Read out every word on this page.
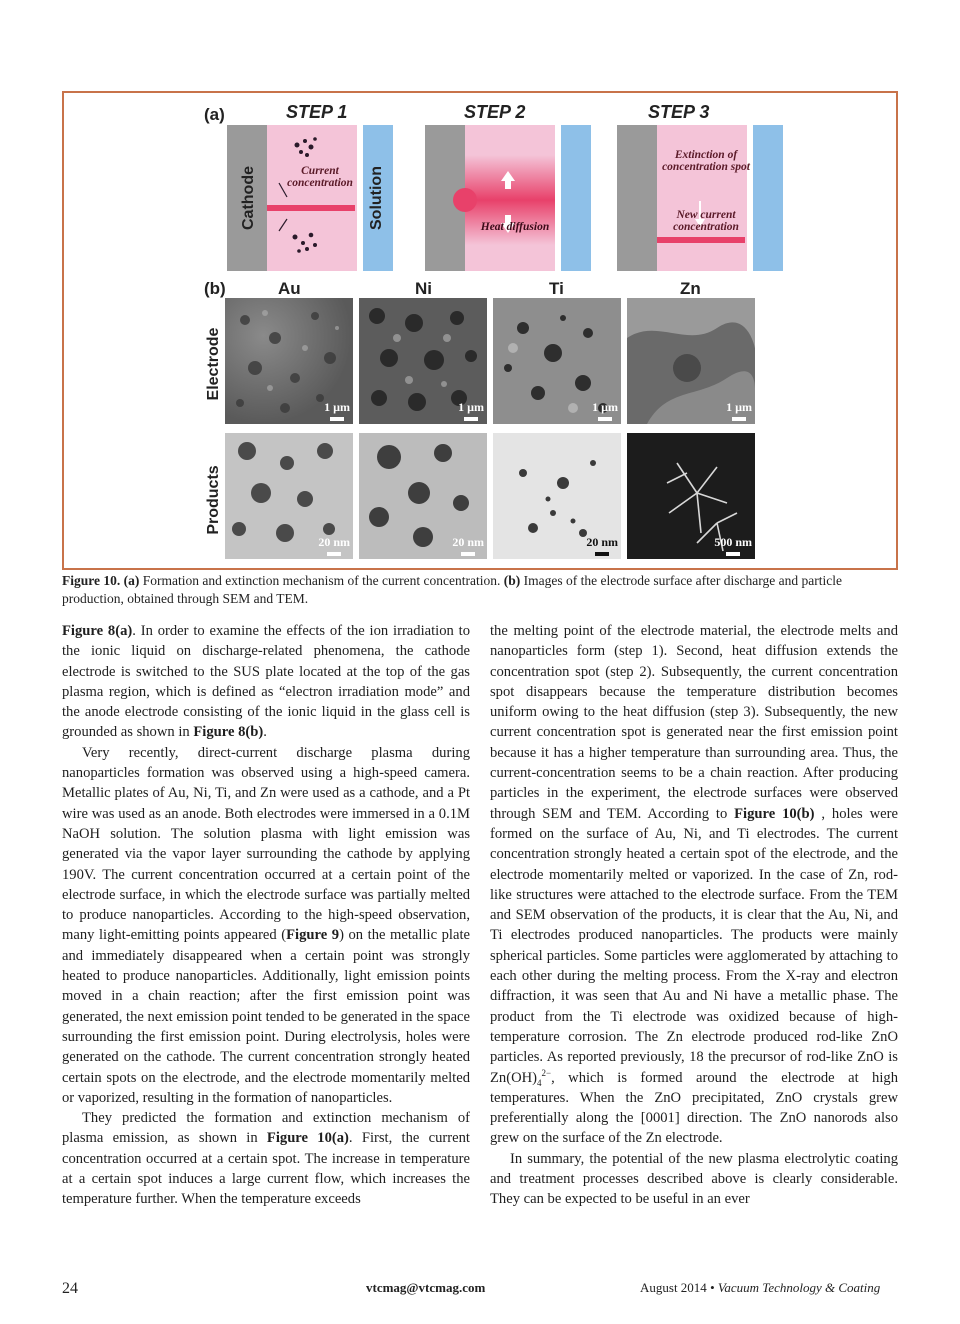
(a)	STEP 1	STEP 2	STEP 3
Cathode	Solution
Current concentration
Heat diffusion
Extinction of concentration spot
New current concentration
(b)	Au	Ni	Ti	Zn
Electrode
Products
1 µm	1 µm	1 µm	1 µm
20 nm	20 nm	20 nm	500 nm
Figure 10. (a) Formation and extinction mechanism of the current concentration. (b) Images of the electrode surface after discharge and particle production, obtained through SEM and TEM.

Figure 8(a). In order to examine the effects of the ion irradiation to the ionic liquid on discharge-related phenomena, the cathode electrode is switched to the SUS plate located at the top of the gas plasma region, which is defined as “electron irradiation mode” and the anode electrode consisting of the ionic liquid in the glass cell is grounded as shown in Figure 8(b).

Very recently, direct-current discharge plasma during nanoparticles formation was observed using a high-speed camera. Metallic plates of Au, Ni, Ti, and Zn were used as a cathode, and a Pt wire was used as an anode. Both electrodes were immersed in a 0.1M NaOH solution. The solution plasma with light emission was generated via the vapor layer surrounding the cathode by applying 190V. The current concentration occurred at a certain point of the electrode surface, in which the electrode surface was partially melted to produce nanoparticles. According to the high-speed observation, many light-emitting points appeared (Figure 9) on the metallic plate and immediately disappeared when a certain point was strongly heated to produce nanoparticles. Additionally, light emission points moved in a chain reaction; after the first emission point was generated, the next emission point tended to be generated in the space surrounding the first emission point. During electrolysis, holes were generated on the cathode. The current concentration strongly heated certain spots on the electrode, and the electrode momentarily melted or vaporized, resulting in the formation of nanoparticles.

They predicted the formation and extinction mechanism of plasma emission, as shown in Figure 10(a). First, the current concentration occurred at a certain spot. The increase in temperature at a certain spot induces a large current flow, which increases the temperature further. When the temperature exceeds

the melting point of the electrode material, the electrode melts and nanoparticles form (step 1). Second, heat diffusion extends the concentration spot (step 2). Subsequently, the current concentration spot disappears because the temperature distribution becomes uniform owing to the heat diffusion (step 3). Subsequently, the new current concentration spot is generated near the first emission point because it has a higher temperature than surrounding area. Thus, the current-concentration seems to be a chain reaction. After producing particles in the experiment, the electrode surfaces were observed through SEM and TEM. According to Figure 10(b) , holes were formed on the surface of Au, Ni, and Ti electrodes. The current concentration strongly heated a certain spot of the electrode, and the electrode momentarily melted or vaporized. In the case of Zn, rod-like structures were attached to the electrode surface. From the TEM and SEM observation of the products, it is clear that the Au, Ni, and Ti electrodes produced nanoparticles. The products were mainly spherical particles. Some particles were agglomerated by attaching to each other during the melting process. From the X-ray and electron diffraction, it was seen that Au and Ni have a metallic phase. The product from the Ti electrode was oxidized because of high-temperature corrosion. The Zn electrode produced rod-like ZnO particles. As reported previously, 18 the precursor of rod-like ZnO is $Zn(OH)_4^{2-}$, which is formed around the electrode at high temperatures. When the ZnO precipitated, ZnO crystals grew preferentially along the [0001] direction. The ZnO nanorods also grew on the surface of the Zn electrode.

In summary, the potential of the new plasma electrolytic coating and treatment processes described above is clearly considerable. They can be expected to be useful in an ever

24	vtcmag@vtcmag.com	August 2014 • Vacuum Technology & Coating
